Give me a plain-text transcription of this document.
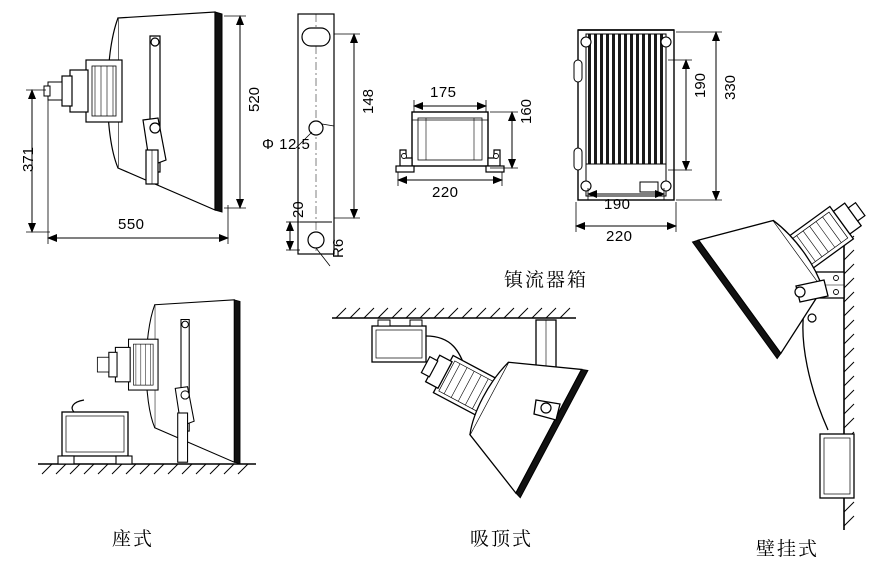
371
520
550
Φ 12.5
148
20
R6
175
220
160
190 330
190
220
镇流器箱
座式	吸顶式	壁挂式
